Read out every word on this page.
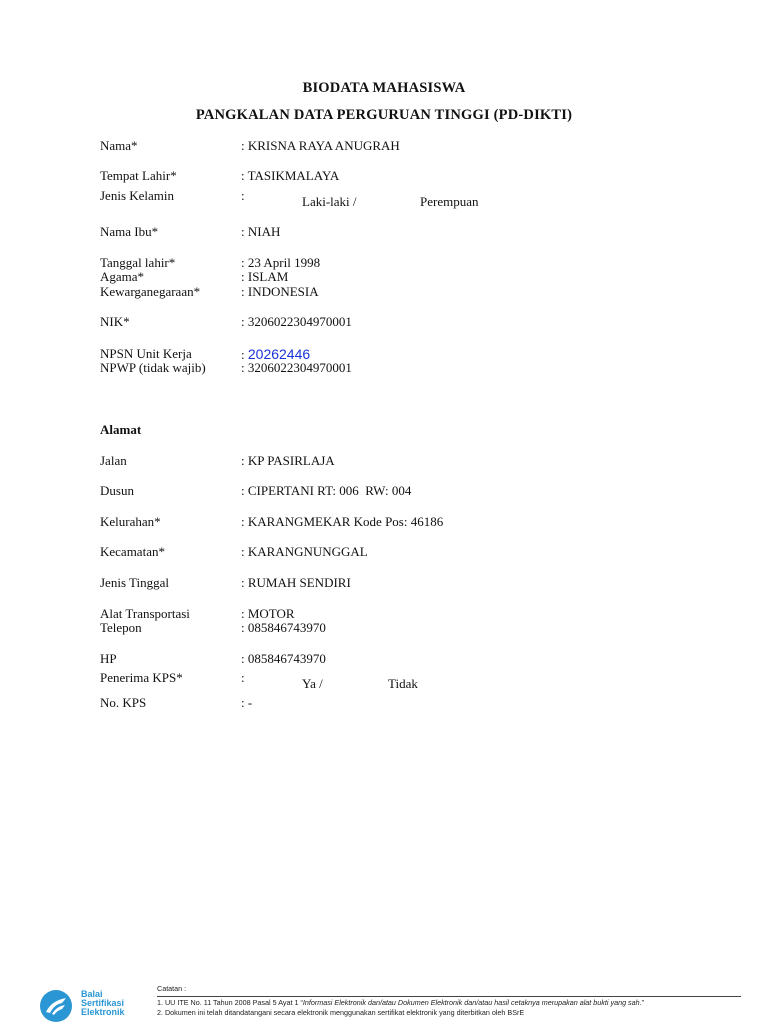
BIODATA MAHASISWA
PANGKALAN DATA PERGURUAN TINGGI (PD-DIKTI)
Nama*	: KRISNA RAYA ANUGRAH
Tempat Lahir*	: TASIKMALAYA
Jenis Kelamin	:	Laki-laki /	Perempuan
Nama Ibu*	: NIAH
Tanggal lahir*	: 23 April 1998
Agama*	: ISLAM
Kewarganegaraan*	: INDONESIA
NIK*	: 3206022304970001
NPSN Unit Kerja	: 20262446
NPWP (tidak wajib)	: 3206022304970001
Alamat
Jalan	: KP PASIRLAJA
Dusun	: CIPERTANI RT: 006  RW: 004
Kelurahan*	: KARANGMEKAR Kode Pos: 46186
Kecamatan*	: KARANGNUNGGAL
Jenis Tinggal	: RUMAH SENDIRI
Alat Transportasi	: MOTOR
Telepon	: 085846743970
HP	: 085846743970
Penerima KPS*	:	Ya /	Tidak
No. KPS	: -
Balai
Sertifikasi
Elektronik
Catatan :
1. UU ITE No. 11 Tahun 2008 Pasal 5 Ayat 1 “Informasi Elektronik dan/atau Dokumen Elektronik dan/atau hasil cetaknya merupakan alat bukti yang sah.”
2. Dokumen ini telah ditandatangani secara elektronik menggunakan sertifikat elektronik yang diterbitkan oleh BSrE
